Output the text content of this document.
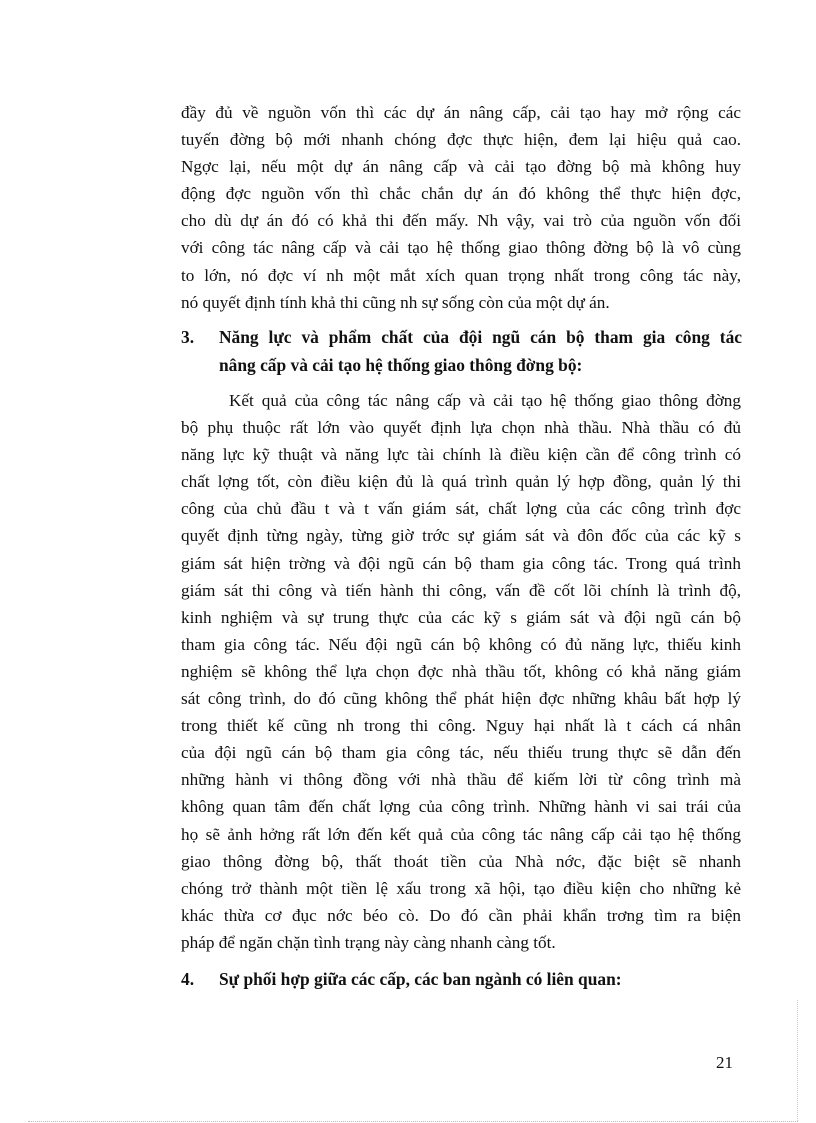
đầy đủ về nguồn vốn thì các dự án nâng cấp, cải tạo hay mở rộng các
tuyến đờng bộ mới nhanh chóng đợc thực hiện, đem lại hiệu quả cao.
Ngợc lại, nếu một dự án nâng cấp và cải tạo đờng bộ mà không huy
động đợc nguồn vốn thì chắc chắn dự án đó không thể thực hiện đợc,
cho dù dự án đó có khả thi đến mấy. Nh vậy, vai trò của nguồn vốn đối
với công tác nâng cấp và cải tạo hệ thống giao thông đờng bộ là vô cùng
to lớn, nó đợc ví nh một mắt xích quan trọng nhất trong công tác này,
nó quyết định tính khả thi cũng nh sự sống còn của một dự án.
3.	Năng lực và phẩm chất của đội ngũ cán bộ tham gia công tác
nâng cấp và cải tạo hệ thống giao thông đờng bộ:
Kết quả của công tác nâng cấp và cải tạo hệ thống giao thông đờng
bộ phụ thuộc rất lớn vào quyết định lựa chọn nhà thầu. Nhà thầu có đủ
năng lực kỹ thuật và năng lực tài chính là điều kiện cần để công trình có
chất lợng tốt, còn điều kiện đủ là quá trình quản lý hợp đồng, quản lý thi
công của chủ đầu t và t vấn giám sát, chất lợng của các công trình đợc
quyết định từng ngày, từng giờ trớc sự giám sát và đôn đốc của các kỹ s
giám sát hiện trờng và đội ngũ cán bộ tham gia công tác. Trong quá trình
giám sát thi công và tiến hành thi công, vấn đề cốt lõi chính là trình độ,
kinh nghiệm và sự trung thực của các kỹ s giám sát và đội ngũ cán bộ
tham gia công tác. Nếu đội ngũ cán bộ không có đủ năng lực, thiếu kinh
nghiệm sẽ không thể lựa chọn đợc nhà thầu tốt, không có khả năng giám
sát công trình, do đó cũng không thể phát hiện đợc những khâu bất hợp lý
trong thiết kế cũng nh trong thi công. Nguy hại nhất là t cách cá nhân
của đội ngũ cán bộ tham gia công tác, nếu thiếu trung thực sẽ dẫn đến
những hành vi thông đồng với nhà thầu để kiếm lời từ công trình mà
không quan tâm đến chất lợng của công trình. Những hành vi sai trái của
họ sẽ ảnh hởng rất lớn đến kết quả của công tác nâng cấp cải tạo hệ thống
giao thông đờng bộ, thất thoát tiền của Nhà nớc, đặc biệt sẽ nhanh
chóng trở thành một tiền lệ xấu trong xã hội, tạo điều kiện cho những kẻ
khác thừa cơ đục nớc béo cò. Do đó cần phải khẩn trơng tìm ra biện
pháp để ngăn chặn tình trạng này càng nhanh càng tốt.
4.	Sự phối hợp giữa các cấp, các ban ngành có liên quan:
21
